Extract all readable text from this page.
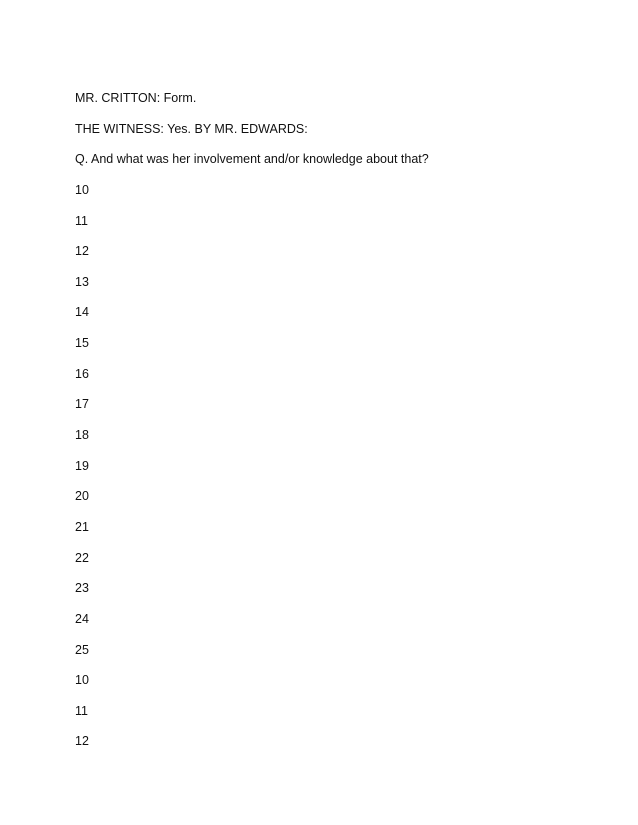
MR. CRITTON: Form.
THE WITNESS: Yes. BY MR. EDWARDS:
Q. And what was her involvement and/or knowledge about that?
10
11
12
13
14
15
16
17
18
19
20
21
22
23
24
25
10
11
12
